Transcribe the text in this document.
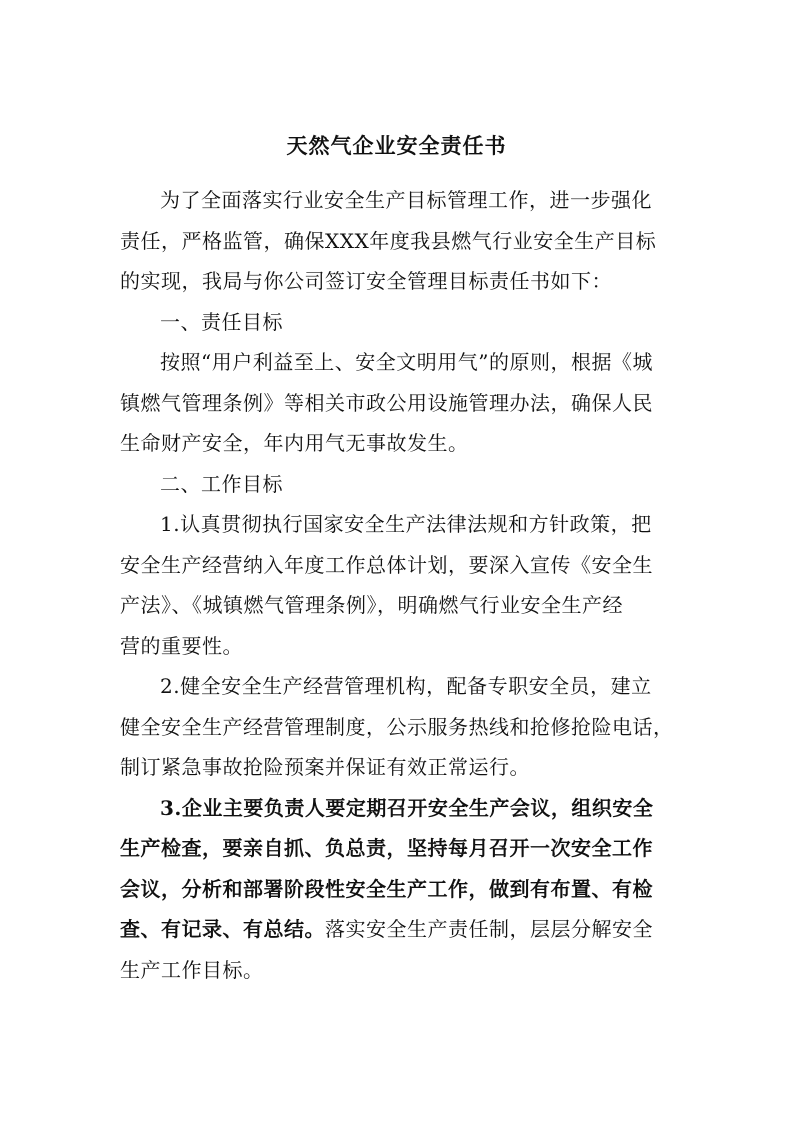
天然气企业安全责任书
为了全面落实行业安全生产目标管理工作，进一步强化
责任，严格监管，确保XXX年度我县燃气行业安全生产目标
的实现，我局与你公司签订安全管理目标责任书如下：
一、责任目标
按照“用户利益至上、安全文明用气”的原则，根据《城
镇燃气管理条例》等相关市政公用设施管理办法，确保人民
生命财产安全，年内用气无事故发生。
二、工作目标
1.认真贯彻执行国家安全生产法律法规和方针政策，把
安全生产经营纳入年度工作总体计划，要深入宣传《安全生
产法》、《城镇燃气管理条例》，明确燃气行业安全生产经
营的重要性。
2.健全安全生产经营管理机构，配备专职安全员，建立
健全安全生产经营管理制度，公示服务热线和抢修抢险电话，
制订紧急事故抢险预案并保证有效正常运行。
3.企业主要负责人要定期召开安全生产会议，组织安全
生产检查，要亲自抓、负总责，坚持每月召开一次安全工作
会议，分析和部署阶段性安全生产工作，做到有布置、有检
查、有记录、有总结。落实安全生产责任制，层层分解安全
生产工作目标。
